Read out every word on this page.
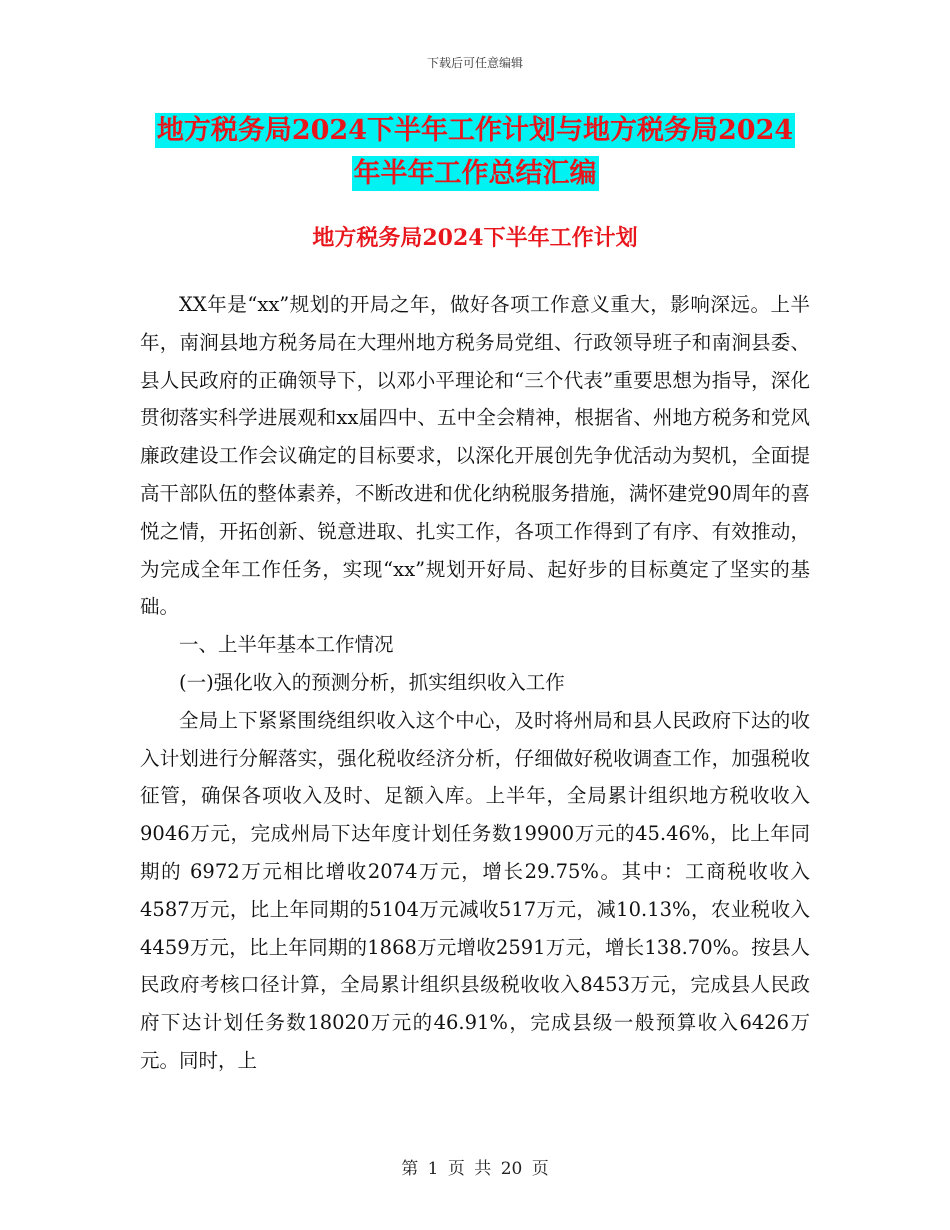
下载后可任意编辑
地方税务局2024下半年工作计划与地方税务局2024
年半年工作总结汇编
地方税务局2024下半年工作计划

XX年是“xx”规划的开局之年，做好各项工作意义重大，影响深远。上半年，南涧县地方税务局在大理州地方税务局党组、行政领导班子和南涧县委、县人民政府的正确领导下，以邓小平理论和“三个代表”重要思想为指导，深化贯彻落实科学进展观和xx届四中、五中全会精神，根据省、州地方税务和党风廉政建设工作会议确定的目标要求，以深化开展创先争优活动为契机，全面提高干部队伍的整体素养，不断改进和优化纳税服务措施，满怀建党90周年的喜悦之情，开拓创新、锐意进取、扎实工作，各项工作得到了有序、有效推动，为完成全年工作任务，实现“xx”规划开好局、起好步的目标奠定了坚实的基础。

一、上半年基本工作情况

(一)强化收入的预测分析，抓实组织收入工作

全局上下紧紧围绕组织收入这个中心，及时将州局和县人民政府下达的收入计划进行分解落实，强化税收经济分析，仔细做好税收调查工作，加强税收征管，确保各项收入及时、足额入库。上半年，全局累计组织地方税收收入9046万元，完成州局下达年度计划任务数19900万元的45.46%，比上年同期的 6972万元相比增收2074万元，增长29.75%。其中：工商税收收入4587万元，比上年同期的5104万元减收517万元，减10.13%，农业税收入4459万元，比上年同期的1868万元增收2591万元，增长138.70%。按县人民政府考核口径计算，全局累计组织县级税收收入8453万元，完成县人民政府下达计划任务数18020万元的46.91%，完成县级一般预算收入6426万元。同时，上

第 1 页 共 20 页
